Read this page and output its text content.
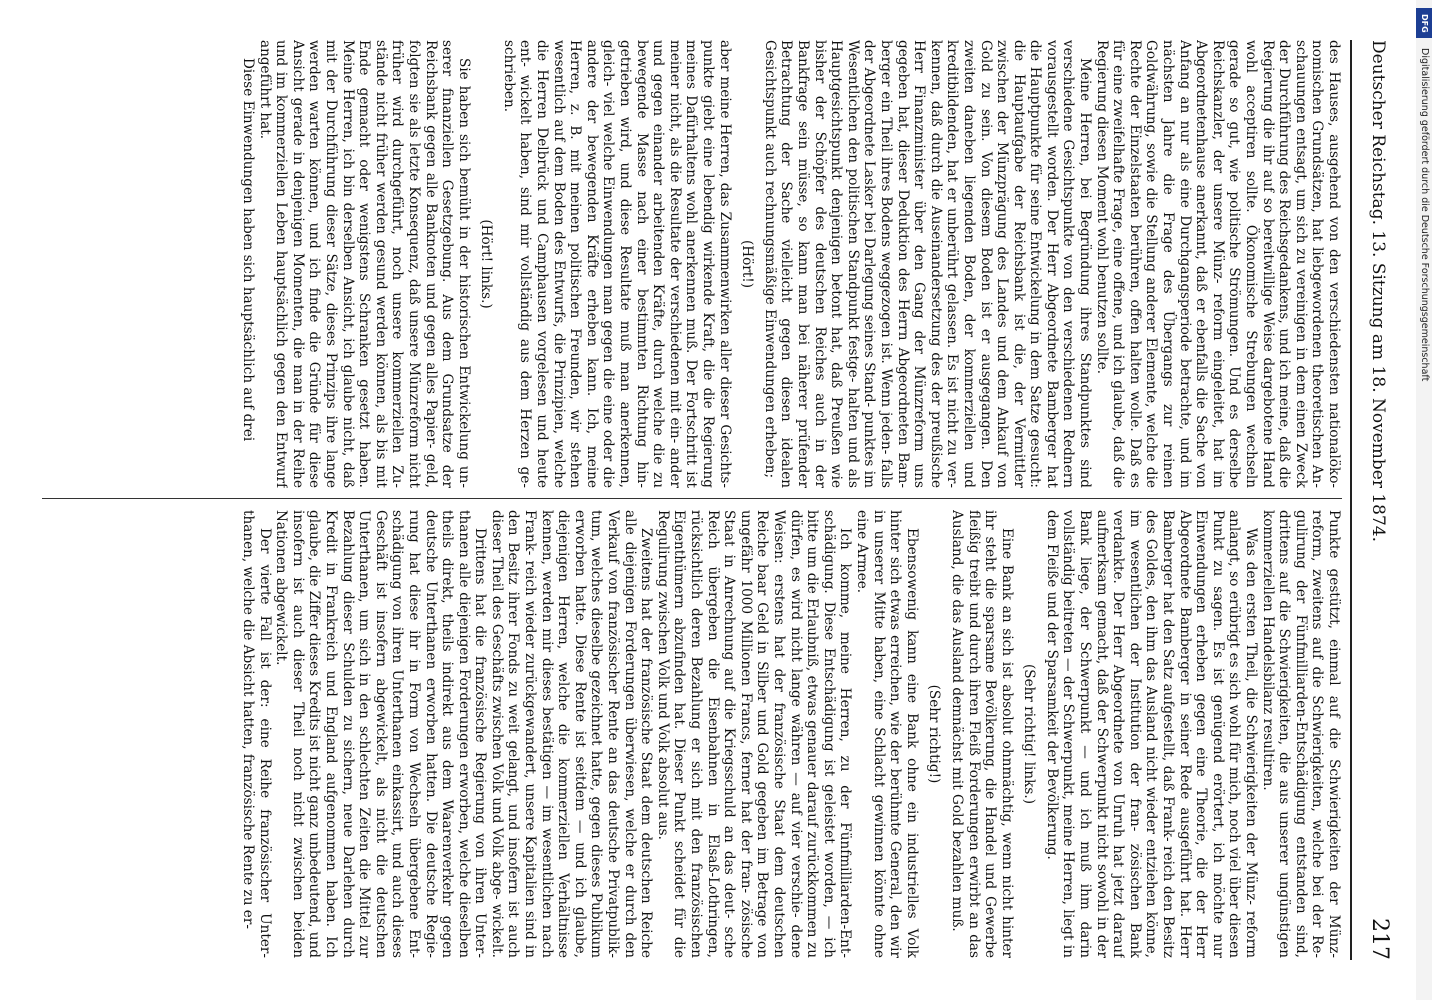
Deutscher Reichstag. 13. Sitzung am 18. November 1874.
217

des Hauses, ausgehend von den verschiedensten nationalöko- nomischen Grundsätzen, hat liebgewordenen theoretischen An- schauungen entsagt, um sich zu vereinigen in dem einen Zweck der Durchführung des Reichsgedankens, und ich meine, daß die Regierung die ihr auf so bereitwillige Weise dargebotene Hand wohl acceptiren sollte. Ökonomische Strebungen wechseln gerade so gut, wie politische Strömungen. Und es derselbe Reichskanzler, der unsere Münz- reform eingeleitet, hat im Abgeordnetenhause anerkannt, daß er ebenfalls die Sache von Anfang an nur als eine Durchgangsperiode betrachte, und im nächsten Jahre die Frage des Übergangs zur reinen Goldwährung, sowie die Stellung anderer Elemente, welche die Rechte der Einzelstaaten berühren, offen halten wolle. Daß es für eine zweifelhafte Frage, eine offene, und ich glaube, daß die Regierung diesen Moment wohl benutzen sollte.

Meine Herren, bei Begründung ihres Standpunktes sind verschiedene Gesichtspunkte von den verschiedenen Rednern vorausgestellt worden. Der Herr Abgeordnete Bamberger hat die Hauptpunkte für seine Entwickelung in dem Satze gesucht: die Hauptaufgabe der Reichsbank ist die, der Vermittler zwischen der Münzprägung des Landes und dem Ankauf von Gold zu sein. Von diesem Boden ist er ausgegangen. Den zweiten daneben liegenden Boden, der kommerziellen und kreditbildenden, hat er unberührt gelassen. Es ist nicht zu ver- kennen, daß durch die Auseinandersetzung des der preußische Herr Finanzminister über den Gang der Münzreform uns gegeben hat, dieser Deduktion des Herrn Abgeordneten Bam- berger ein Theil ihres Bodens weggezogen ist. Wenn jeden- falls der Abgeordnete Lasker bei Darlegung seines Stand- punktes im Wesentlichen den politischen Standpunkt festge- halten und als Hauptgesichtspunkt denjenigen betont hat, daß Preußen wie bisher der Schöpfer des deutschen Reiches auch in der Bankfrage sein müsse, so kann man bei näherer prüfender Betrachtung der Sache vielleicht gegen diesen idealen Gesichtspunkt auch rechnungsmäßige Einwendungen erheben;

(Hört!)

aber meine Herren, das Zusammenwirken aller dieser Gesichts- punkte giebt eine lebendig wirkende Kraft, die die Regierung meines Dafürhaltens wohl anerkennen muß. Der Fortschritt ist meiner nicht, als die Resultate der verschiedenen mit ein- ander und gegen einander arbeitenden Kräfte, durch welche die zu bewegende Masse nach einer bestimmten Richtung hin- getrieben wird, und diese Resultate muß man anerkennen, gleich- viel welche Einwendungen man gegen die eine oder die andere der bewegenden Kräfte erheben kann. Ich, meine Herren, z. B. mit meinen politischen Freunden, wir stehen wesentlich auf dem Boden des Entwurfs, die Prinzipien, welche die Herren Delbrück und Camphausen vorgelesen und heute ent- wickelt haben, sind mir vollständig aus dem Herzen ge- schrieben.

(Hört! links.)

Sie haben sich bemüht in der historischen Entwickelung un- serer finanziellen Gesetzgebung. Aus dem Grundsatze der Reichsbank gegen alle Banknoten und gegen alles Papier- geld, folgten sie als letzte Konsequenz, daß unsere Münzreform nicht früher wird durchgeführt, noch unsere kommerziellen Zu- stände nicht früher werden gesund werden können, als bis mit Ende gemacht oder wenigstens Schranken gesetzt haben. Meine Herren, ich bin derselben Ansicht, ich glaube nicht, daß mit der Durchführung dieser Sätze, dieses Prinzips ihre lange werden warten können, und ich finde die Gründe für diese Ansicht gerade in denjenigen Momenten, die man in der Reihe und im kommerziellen Leben hauptsächlich gegen den Entwurf angeführt hat.

Diese Einwendungen haben sich hauptsächlich auf drei

Punkte gestützt, einmal auf die Schwierigkeiten der Münz- reform, zweitens auf die Schwierigkeiten, welche bei der Re- gulirung der Fünfmilliarden-Entschädigung entstanden sind, drittens auf die Schwierigkeiten, die aus unserer ungünstigen kommerziellen Handelsbilanz resultiren.

Was den ersten Theil, die Schwierigkeiten der Münz- reform anlangt, so erübrigt es sich wohl für mich, noch viel über diesen Punkt zu sagen. Es ist genügend erörtert, ich möchte nur Einwendungen erheben gegen eine Theorie, die der Herr Abgeordnete Bamberger in seiner Rede ausgeführt hat. Herr Bamberger hat den Satz aufgestellt, daß Frank- reich den Besitz des Goldes, den ihm das Ausland nicht wieder entziehen könne, im wesentlichen der Institution der fran- zösischen Bank verdankte. Der Herr Abgeordnete von Unruh hat jetzt darauf aufmerksam gemacht, daß der Schwerpunkt nicht sowohl in der Bank liege, der Schwerpunkt — und ich muß ihm darin vollständig beitreten — der Schwerpunkt, meine Herren, liegt in dem Fleiße und der Sparsamkeit der Bevölkerung.

(Sehr richtig! links.)

Eine Bank an sich ist absolut ohnmächtig, wenn nicht hinter ihr steht die sparsame Bevölkerung, die Handel und Gewerbe fleißig treibt und durch ihren Fleiß Forderungen erwirbt an das Ausland, die das Ausland demnächst mit Gold bezahlen muß.

(Sehr richtig!)

Ebensowenig kann eine Bank ohne ein industrielles Volk hinter sich etwas erreichen, wie der berühmte General, den wir in unserer Mitte haben, eine Schlacht gewinnen könnte ohne eine Armee.

Ich komme, meine Herren, zu der Fünfmilliarden-Ent- schädigung. Diese Entschädigung ist geleistet worden, — ich bitte um die Erlaubniß, etwas genauer darauf zurückkommen zu dürfen, es wird nicht lange währen — auf vier verschie- dene Weisen: erstens hat der französische Staat dem deutschen Reiche baar Geld in Silber und Gold gegeben im Betrage von ungefähr 1000 Millionen Francs, ferner hat der fran- zösische Staat in Anrechnung auf die Kriegsschuld an das deut- sche Reich übergeben die Eisenbahnen in Elsaß-Lothringen, rücksichtlich deren Bezahlung er sich mit den französischen Eigenthümern abzufinden hat. Dieser Punkt scheidet für die Regulirung zwischen Volk und Volk absolut aus.

Zweitens hat der französische Staat dem deutschen Reiche alle diejenigen Forderungen überwiesen, welche er durch den Verkauf von französischer Rente an das deutsche Privatpublik- tum, welches dieselbe gezeichnet hatte, gegen dieses Publikum erworben hatte. Diese Rente ist seitdem — und ich glaube, diejenigen Herren, welche die kommerziellen Verhältnisse kennen, werden mir dieses bestätigen — im wesentlichen nach Frank- reich wieder zurückgewandert, unsere Kapitalien sind in den Besitz ihrer Fonds zu weit gelangt, und insofern ist auch dieser Theil des Geschäfts zwischen Volk und Volk abge- wickelt.

Drittens hat die französische Regierung von ihren Unter- thanen alle diejenigen Forderungen erworben, welche dieselben theils direkt, theils indirekt aus dem Waarenverkehr gegen deutsche Unterthanen erworben hatten. Die deutsche Regie- rung hat diese ihr in Form von Wechseln übergebene Ent- schädigung von ihren Unterthanen einkassirt, und auch dieses Geschäft ist insofern abgewickelt, als nicht die deutschen Unterthanen, um sich in den schlechten Zeiten die Mittel zur Bezahlung dieser Schulden zu sichern, neue Darlehen durch Kredit in Frankreich und England aufgenommen haben. Ich glaube, die Ziffer dieses Kredits ist nicht ganz unbedeutend, und insofern ist auch dieser Theil noch nicht zwischen beiden Nationen abgewickelt.

Der vierte Fall ist der: eine Reihe französischer Unter- thanen, welche die Absicht hatten, französische Rente zu er-

DFG
Digitalisierung gefördert durch die Deutsche Forschungsgemeinschaft
